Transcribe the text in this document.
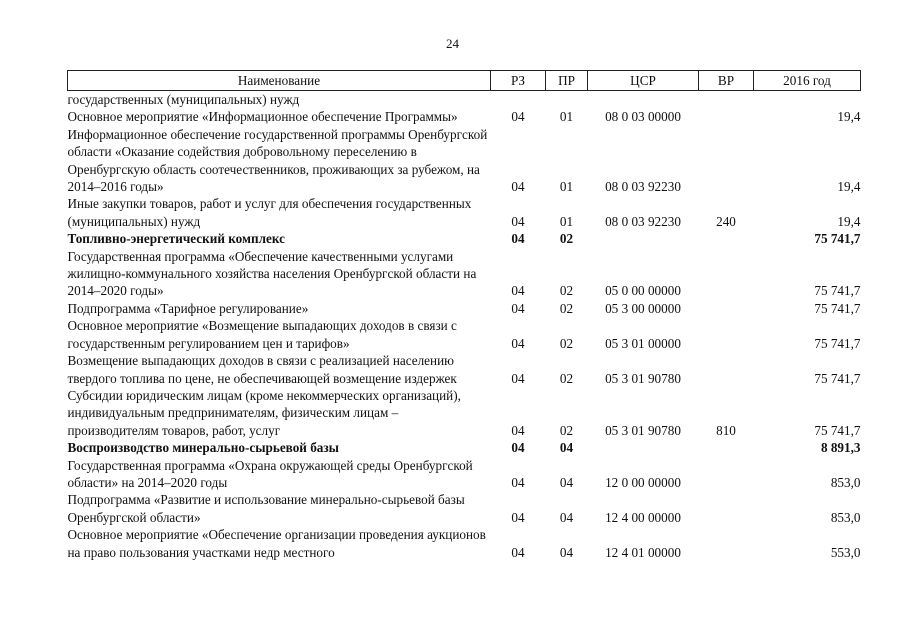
24
Наименование	РЗ	ПР	ЦСР	ВР	2016 год
государственных (муниципальных) нужд					
Основное мероприятие «Информационное обеспечение Программы»	04	01	08 0 03 00000		19,4
Информационное обеспечение государственной программы Оренбургской области «Оказание содействия добровольному переселению в Оренбургскую область соотечественников, проживающих за рубежом, на 2014–2016 годы»	04	01	08 0 03 92230		19,4
Иные закупки товаров, работ и услуг для обеспечения государственных (муниципальных) нужд	04	01	08 0 03 92230	240	19,4
Топливно-энергетический комплекс	04	02			75 741,7
Государственная программа «Обеспечение качественными услугами жилищно-коммунального хозяйства населения Оренбургской области на 2014–2020 годы»	04	02	05 0 00 00000		75 741,7
Подпрограмма «Тарифное регулирование»	04	02	05 3 00 00000		75 741,7
Основное мероприятие «Возмещение выпадающих доходов в связи с государственным регулированием цен и тарифов»	04	02	05 3 01 00000		75 741,7
Возмещение выпадающих доходов в связи с реализацией населению твердого топлива по цене, не обеспечивающей возмещение издержек	04	02	05 3 01 90780		75 741,7
Субсидии юридическим лицам (кроме некоммерческих организаций), индивидуальным предпринимателям, физическим лицам – производителям товаров, работ, услуг	04	02	05 3 01 90780	810	75 741,7
Воспроизводство минерально-сырьевой базы	04	04			8 891,3
Государственная программа «Охрана окружающей среды Оренбургской области» на 2014–2020 годы	04	04	12 0 00 00000		853,0
Подпрограмма «Развитие и использование минерально-сырьевой базы Оренбургской области»	04	04	12 4 00 00000		853,0
Основное мероприятие «Обеспечение организации проведения аукционов на право пользования участками недр местного	04	04	12 4 01 00000		553,0
